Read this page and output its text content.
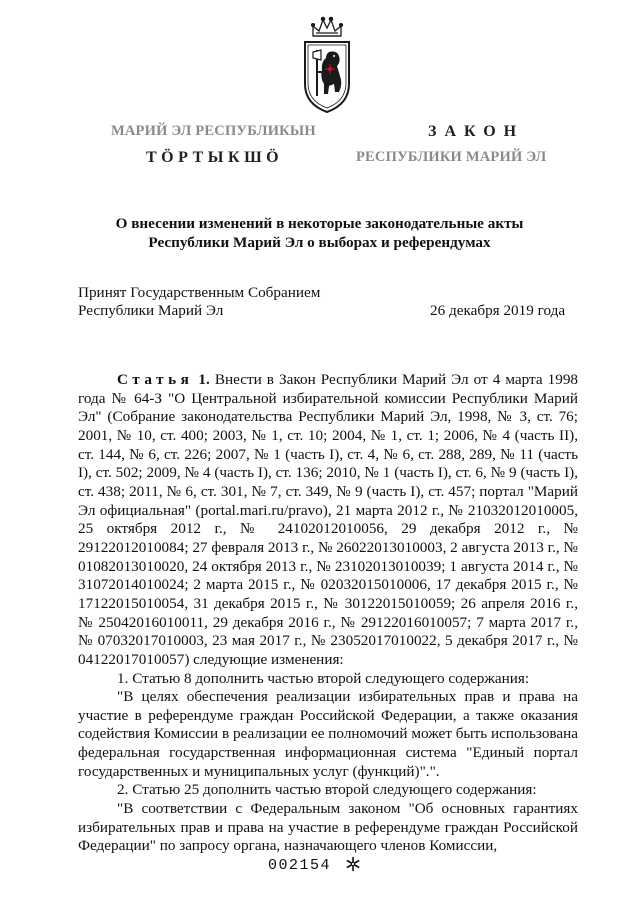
МАРИЙ ЭЛ РЕСПУБЛИКЫН
ТӦРТЫКШӦ
ЗАКОН
РЕСПУБЛИКИ МАРИЙ ЭЛ
О внесении изменений в некоторые законодательные акты
Республики Марий Эл о выборах и референдумах
Принят Государственным Собранием
Республики Марий Эл	26 декабря 2019 года

Статья 1. Внести в Закон Республики Марий Эл от 4 марта 1998 года № 64-З "О Центральной избирательной комиссии Республики Марий Эл" (Собрание законодательства Республики Марий Эл, 1998, № 3, ст. 76; 2001, № 10, ст. 400; 2003, № 1, ст. 10; 2004, № 1, ст. 1; 2006, № 4 (часть II), ст. 144, № 6, ст. 226; 2007, № 1 (часть I), ст. 4, № 6, ст. 288, 289, № 11 (часть I), ст. 502; 2009, № 4 (часть I), ст. 136; 2010, № 1 (часть I), ст. 6, № 9 (часть I), ст. 438; 2011, № 6, ст. 301, № 7, ст. 349, № 9 (часть I), ст. 457; портал "Марий Эл официальная" (portal.mari.ru/pravo), 21 марта 2012 г., № 21032012010005, 25 октября 2012 г., № 24102012010056, 29 декабря 2012 г., № 29122012010084; 27 февраля 2013 г., № 26022013010003, 2 августа 2013 г., № 01082013010020, 24 октября 2013 г., № 23102013010039; 1 августа 2014 г., № 31072014010024; 2 марта 2015 г., № 02032015010006, 17 декабря 2015 г., № 17122015010054, 31 декабря 2015 г., № 30122015010059; 26 апреля 2016 г., № 25042016010011, 29 декабря 2016 г., № 29122016010057; 7 марта 2017 г., № 07032017010003, 23 мая 2017 г., № 23052017010022, 5 декабря 2017 г., № 04122017010057) следующие изменения:

1. Статью 8 дополнить частью второй следующего содержания:

"В целях обеспечения реализации избирательных прав и права на участие в референдуме граждан Российской Федерации, а также оказания содействия Комиссии в реализации ее полномочий может быть использована федеральная государственная информационная система "Единый портал государственных и муниципальных услуг (функций)".".

2. Статью 25 дополнить частью второй следующего содержания:

"В соответствии с Федеральным законом "Об основных гарантиях избирательных прав и права на участие в референдуме граждан Российской Федерации" по запросу органа, назначающего членов Комиссии,

002154
